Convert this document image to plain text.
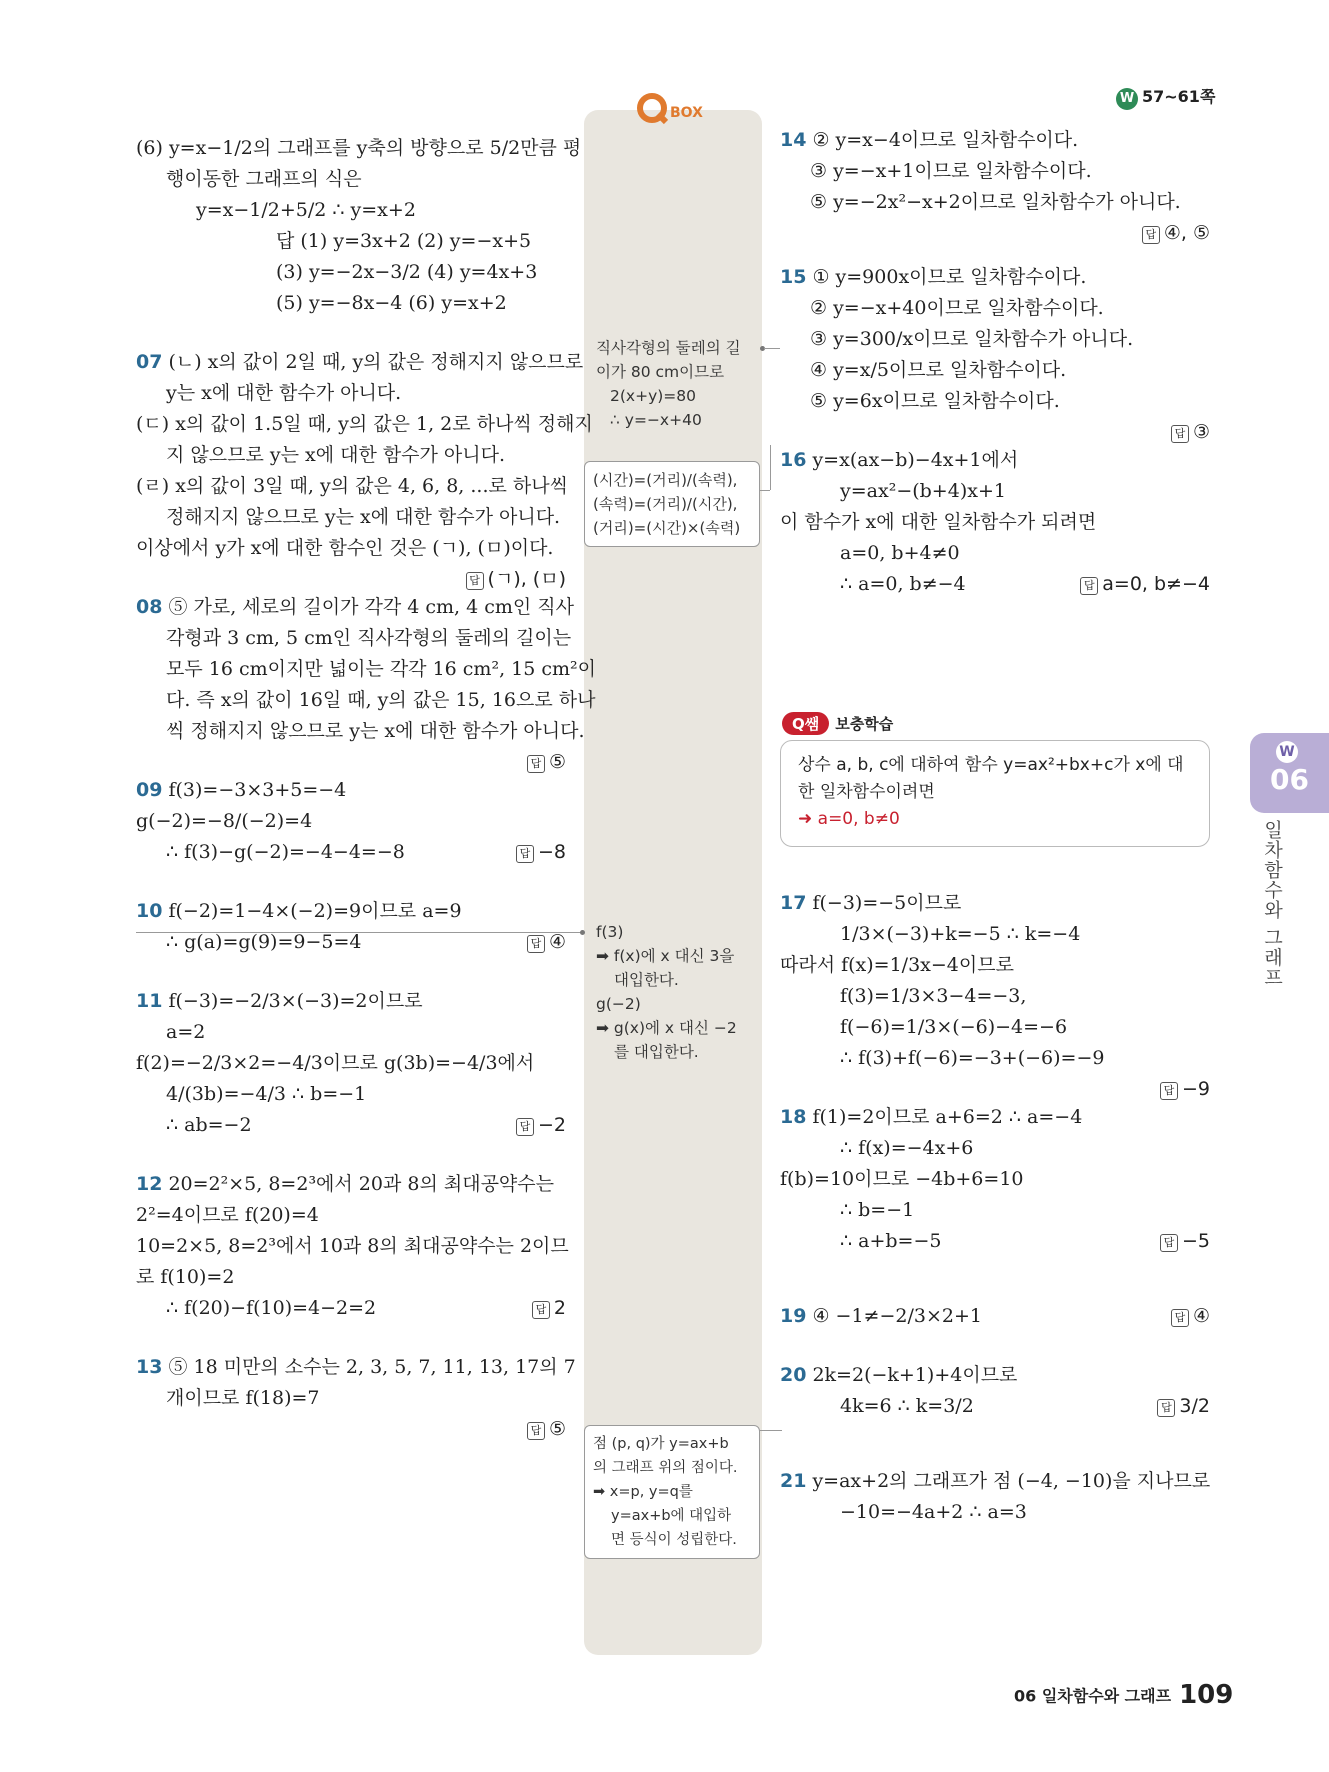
W 57~61쪽
BOX
직사각형의 둘레의 길
이가 80 cm이므로
2(x+y)=80
∴ y=−x+40
(시간)=(거리)/(속력),
(속력)=(거리)/(시간),
(거리)=(시간)×(속력)
f(3)
➡ f(x)에 x 대신 3을
대입한다.
g(−2)
➡ g(x)에 x 대신 −2
를 대입한다.
점 (p, q)가 y=ax+b
의 그래프 위의 점이다.
➡ x=p, y=q를
y=ax+b에 대입하
면 등식이 성립한다.
(6) y=x−1/2의 그래프를 y축의 방향으로 5/2만큼 평
행이동한 그래프의 식은
y=x−1/2+5/2 ∴ y=x+2
답 (1) y=3x+2 (2) y=−x+5
(3) y=−2x−3/2 (4) y=4x+3
(5) y=−8x−4 (6) y=x+2

07 (ㄴ) x의 값이 2일 때, y의 값은 정해지지 않으므로
y는 x에 대한 함수가 아니다.
(ㄷ) x의 값이 1.5일 때, y의 값은 1, 2로 하나씩 정해지
지 않으므로 y는 x에 대한 함수가 아니다.
(ㄹ) x의 값이 3일 때, y의 값은 4, 6, 8, ...로 하나씩
정해지지 않으므로 y는 x에 대한 함수가 아니다.
이상에서 y가 x에 대한 함수인 것은 (ㄱ), (ㅁ)이다.
답 (ㄱ), (ㅁ)

08 ⑤ 가로, 세로의 길이가 각각 4 cm, 4 cm인 직사
각형과 3 cm, 5 cm인 직사각형의 둘레의 길이는
모두 16 cm이지만 넓이는 각각 16 cm², 15 cm²이
다. 즉 x의 값이 16일 때, y의 값은 15, 16으로 하나
씩 정해지지 않으므로 y는 x에 대한 함수가 아니다.
답 ⑤

09 f(3)=−3×3+5=−4
g(−2)=−8/(−2)=4
답 −8
∴ f(3)−g(−2)=−4−4=−8

10 f(−2)=1−4×(−2)=9이므로 a=9
답 ④
∴ g(a)=g(9)=9−5=4

11 f(−3)=−2/3×(−3)=2이므로
a=2
f(2)=−2/3×2=−4/3이므로 g(3b)=−4/3에서
4/(3b)=−4/3 ∴ b=−1
답 −2
∴ ab=−2

12 20=2²×5, 8=2³에서 20과 8의 최대공약수는
2²=4이므로 f(20)=4
10=2×5, 8=2³에서 10과 8의 최대공약수는 2이므
로 f(10)=2
답 2
∴ f(20)−f(10)=4−2=2

13 ⑤ 18 미만의 소수는 2, 3, 5, 7, 11, 13, 17의 7
개이므로 f(18)=7
답 ⑤
14 ② y=x−4이므로 일차함수이다.
③ y=−x+1이므로 일차함수이다.
⑤ y=−2x²−x+2이므로 일차함수가 아니다.
답 ④, ⑤

15 ① y=900x이므로 일차함수이다.
② y=−x+40이므로 일차함수이다.
③ y=300/x이므로 일차함수가 아니다.
④ y=x/5이므로 일차함수이다.
⑤ y=6x이므로 일차함수이다.
답 ③

16 y=x(ax−b)−4x+1에서
y=ax²−(b+4)x+1
이 함수가 x에 대한 일차함수가 되려면
a=0, b+4≠0
답 a=0, b≠−4
∴ a=0, b≠−4
Q쌤 보충학습
상수 a, b, c에 대하여 함수 y=ax²+bx+c가 x에 대
한 일차함수이려면
➜ a=0, b≠0
17 f(−3)=−5이므로
1/3×(−3)+k=−5 ∴ k=−4
따라서 f(x)=1/3x−4이므로
f(3)=1/3×3−4=−3,
f(−6)=1/3×(−6)−4=−6
∴ f(3)+f(−6)=−3+(−6)=−9
답 −9

18 f(1)=2이므로 a+6=2 ∴ a=−4
∴ f(x)=−4x+6
f(b)=10이므로 −4b+6=10
∴ b=−1
답 −5
∴ a+b=−5

답 ④
19 ④ −1≠−2/3×2+1

20 2k=2(−k+1)+4이므로
답 3/2
4k=6 ∴ k=3/2

21 y=ax+2의 그래프가 점 (−4, −10)을 지나므로
−10=−4a+2 ∴ a=3
W
06
일차함수와 그래프
06 일차함수와 그래프 109
